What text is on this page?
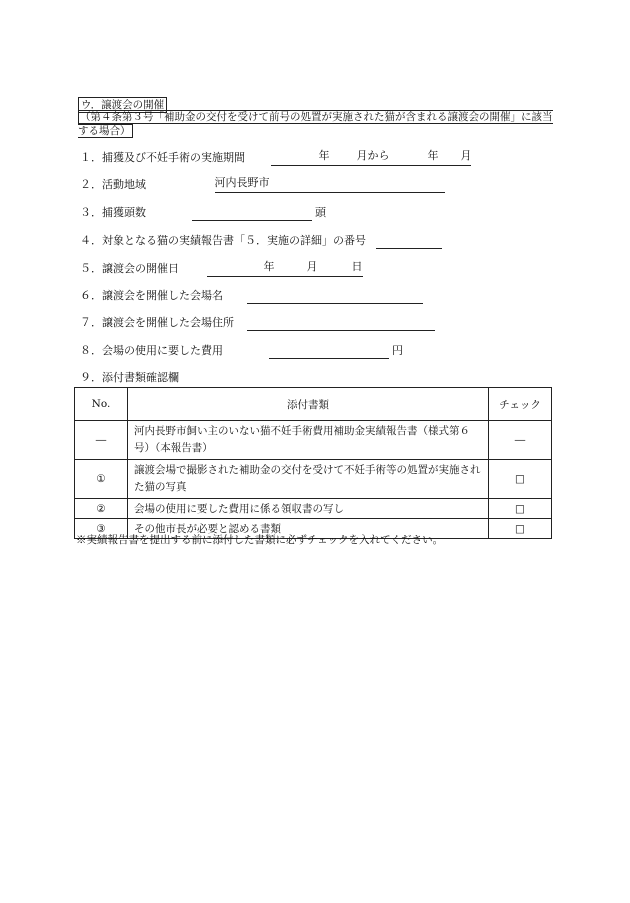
ウ．譲渡会の開催
（第４条第３号「補助金の交付を受けて前号の処置が実施された猫が含まれる譲渡会の開催」に該当する場合）
１．捕獲及び不妊手術の実施期間	年 月から	年 月
２．活動地域	河内長野市
３．捕獲頭数	頭
４．対象となる猫の実績報告書「５．実施の詳細」の番号
５．譲渡会の開催日	年	月	日
６．譲渡会を開催した会場名
７．譲渡会を開催した会場住所
８．会場の使用に要した費用	円
９．添付書類確認欄
No.	添付書類	チェック
―	河内長野市飼い主のいない猫不妊手術費用補助金実績報告書（様式第６号）（本報告書）	―
①	譲渡会場で撮影された補助金の交付を受けて不妊手術等の処置が実施された猫の写真	□
②	会場の使用に要した費用に係る領収書の写し	□
③	その他市長が必要と認める書類	□
※実績報告書を提出する前に添付した書類に必ずチェックを入れてください。
